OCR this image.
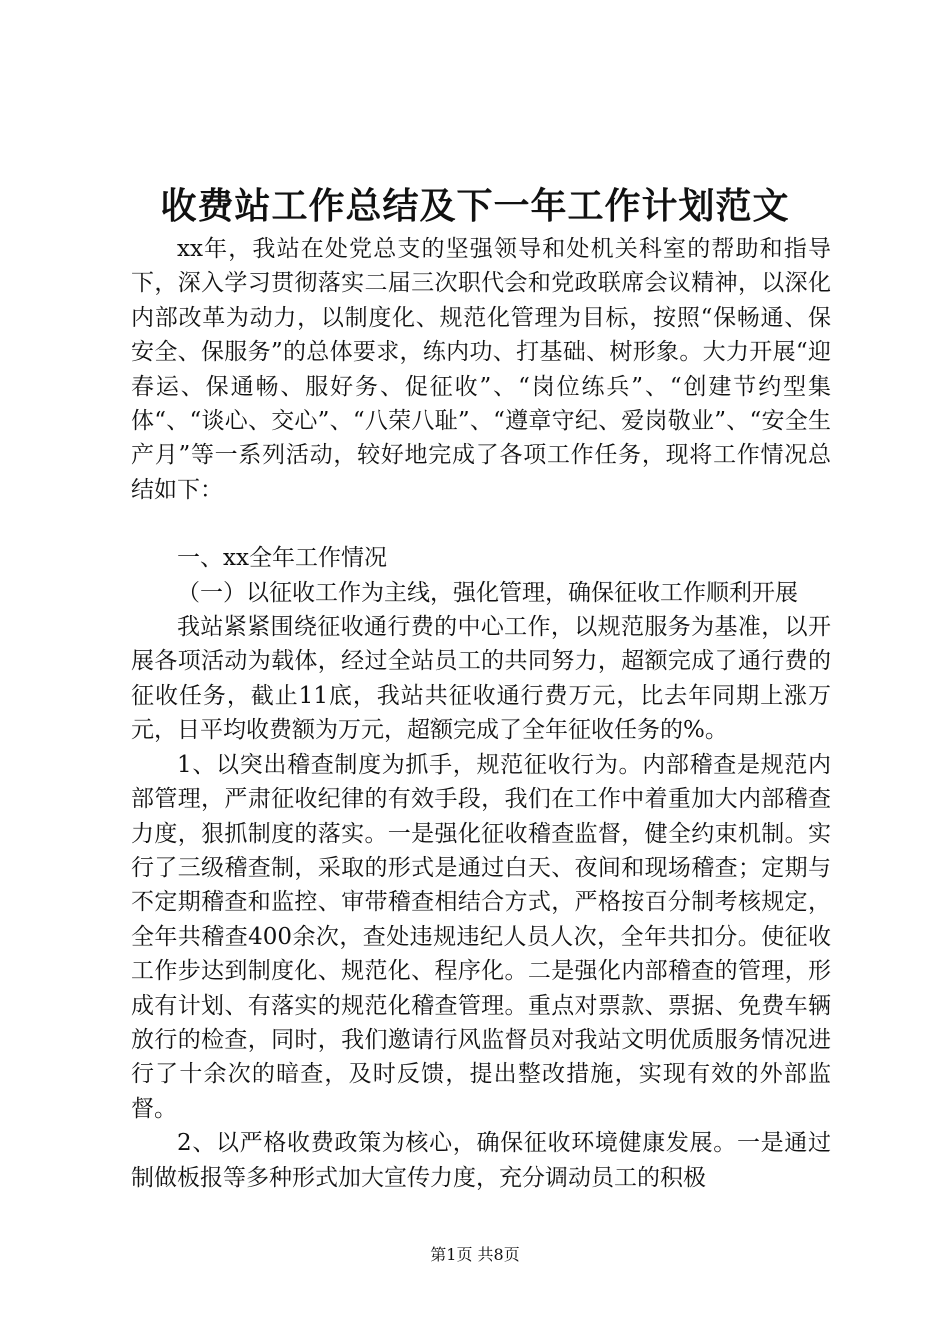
收费站工作总结及下一年工作计划范文

xx年，我站在处党总支的坚强领导和处机关科室的帮助和指导下，深入学习贯彻落实二届三次职代会和党政联席会议精神，以深化内部改革为动力，以制度化、规范化管理为目标，按照“保畅通、保安全、保服务”的总体要求，练内功、打基础、树形象。大力开展“迎春运、保通畅、服好务、促征收”、“岗位练兵”、“创建节约型集体“、“谈心、交心”、“八荣八耻”、“遵章守纪、爱岗敬业”、“安全生产月”等一系列活动，较好地完成了各项工作任务，现将工作情况总结如下：

一、xx全年工作情况

（一）以征收工作为主线，强化管理，确保征收工作顺利开展

我站紧紧围绕征收通行费的中心工作，以规范服务为基准，以开展各项活动为载体，经过全站员工的共同努力，超额完成了通行费的征收任务，截止11底，我站共征收通行费万元，比去年同期上涨万元，日平均收费额为万元，超额完成了全年征收任务的%。

1、以突出稽查制度为抓手，规范征收行为。内部稽查是规范内部管理，严肃征收纪律的有效手段，我们在工作中着重加大内部稽查力度，狠抓制度的落实。一是强化征收稽查监督，健全约束机制。实行了三级稽查制，采取的形式是通过白天、夜间和现场稽查；定期与不定期稽查和监控、审带稽查相结合方式，严格按百分制考核规定，全年共稽查400余次，查处违规违纪人员人次，全年共扣分。使征收工作步达到制度化、规范化、程序化。二是强化内部稽查的管理，形成有计划、有落实的规范化稽查管理。重点对票款、票据、免费车辆放行的检查，同时，我们邀请行风监督员对我站文明优质服务情况进行了十余次的暗查，及时反馈，提出整改措施，实现有效的外部监督。

2、以严格收费政策为核心，确保征收环境健康发展。一是通过制做板报等多种形式加大宣传力度，充分调动员工的积极

第1页 共8页
